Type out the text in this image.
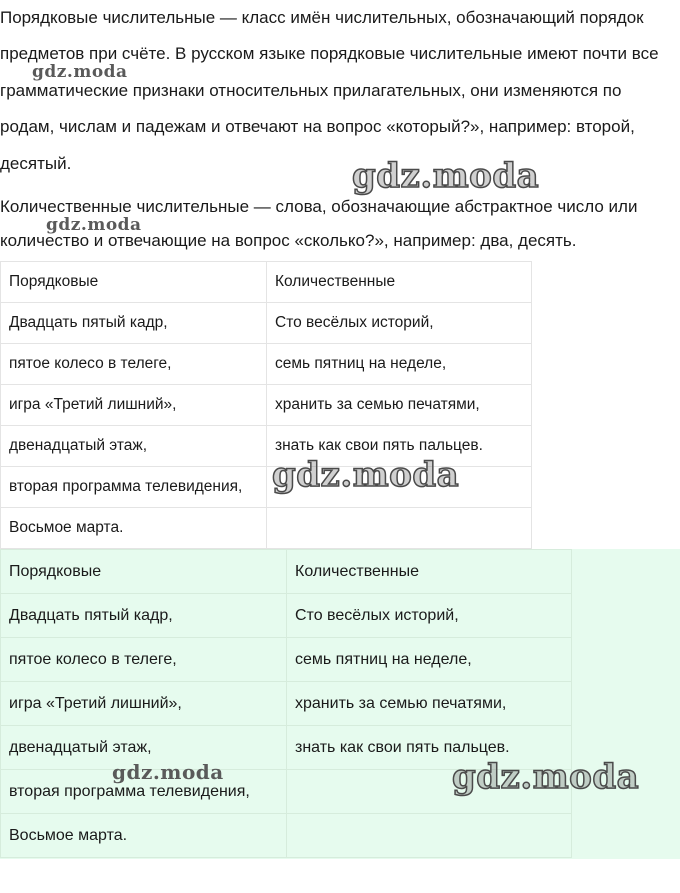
Порядковые числительные — класс имён числительных, обозначающий порядок предметов при счёте. В русском языке порядковые числительные имеют почти все грамматические признаки относительных прилагательных, они изменяются по родам, числам и падежам и отвечают на вопрос «который?», например: второй, десятый.

Количественные числительные — слова, обозначающие абстрактное число или количество и отвечающие на вопрос «сколько?», например: два, десять.

Порядковые	Количественные
Двадцать пятый кадр,	Сто весёлых историй,
пятое колесо в телеге,	семь пятниц на неделе,
игра «Третий лишний»,	хранить за семью печатями,
двенадцатый этаж,	знать как свои пять пальцев.
вторая программа телевидения,	
Восьмое марта.	
Порядковые	Количественные
Двадцать пятый кадр,	Сто весёлых историй,
пятое колесо в телеге,	семь пятниц на неделе,
игра «Третий лишний»,	хранить за семью печатями,
двенадцатый этаж,	знать как свои пять пальцев.
вторая программа телевидения,	
Восьмое марта.	
gdz.moda
gdz.moda
gdz.moda
gdz.moda
gdz.moda	gdz.moda
